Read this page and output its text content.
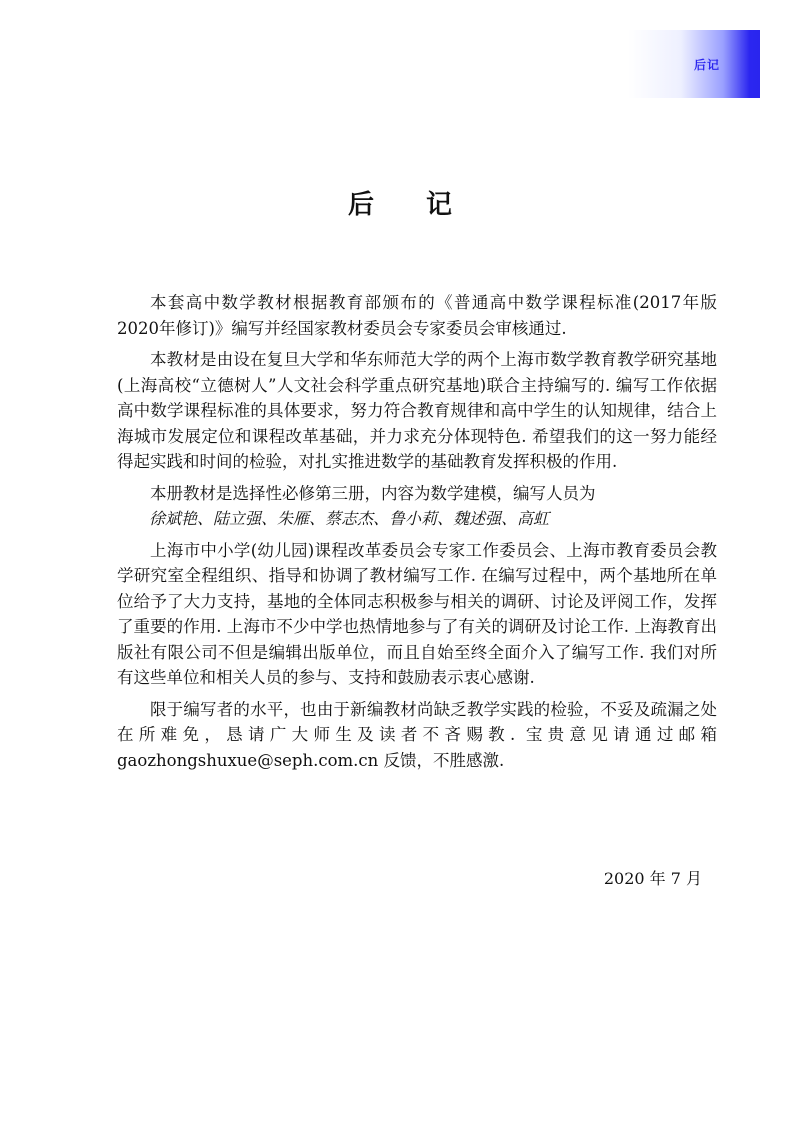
后记
后记

本套高中数学教材根据教育部颁布的《普通高中数学课程标准(2017年版2020年修订)》编写并经国家教材委员会专家委员会审核通过.

本教材是由设在复旦大学和华东师范大学的两个上海市数学教育教学研究基地(上海高校“立德树人”人文社会科学重点研究基地)联合主持编写的. 编写工作依据高中数学课程标准的具体要求，努力符合教育规律和高中学生的认知规律，结合上海城市发展定位和课程改革基础，并力求充分体现特色. 希望我们的这一努力能经得起实践和时间的检验，对扎实推进数学的基础教育发挥积极的作用.

本册教材是选择性必修第三册，内容为数学建模，编写人员为

徐斌艳、陆立强、朱雁、蔡志杰、鲁小莉、魏述强、高虹

上海市中小学(幼儿园)课程改革委员会专家工作委员会、上海市教育委员会教学研究室全程组织、指导和协调了教材编写工作. 在编写过程中，两个基地所在单位给予了大力支持，基地的全体同志积极参与相关的调研、讨论及评阅工作，发挥了重要的作用. 上海市不少中学也热情地参与了有关的调研及讨论工作. 上海教育出版社有限公司不但是编辑出版单位，而且自始至终全面介入了编写工作. 我们对所有这些单位和相关人员的参与、支持和鼓励表示衷心感谢.

限于编写者的水平，也由于新编教材尚缺乏教学实践的检验，不妥及疏漏之处在所难免，恳请广大师生及读者不吝赐教. 宝贵意见请通过邮箱 gaozhongshuxue@seph.com.cn 反馈，不胜感激.

2020 年 7 月
